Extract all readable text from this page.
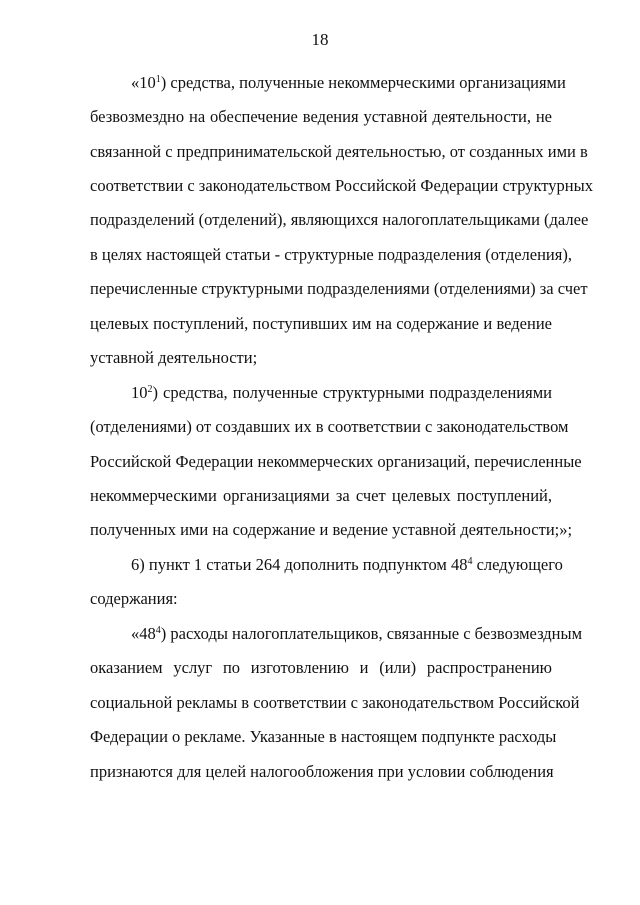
18
«$10^1$) средства, полученные некоммерческими организациями
безвозмездно на обеспечение ведения уставной деятельности, не
связанной с предпринимательской деятельностью, от созданных ими в
соответствии с законодательством Российской Федерации структурных
подразделений (отделений), являющихся налогоплательщиками (далее
в целях настоящей статьи - структурные подразделения (отделения),
перечисленные структурными подразделениями (отделениями) за счет
целевых поступлений, поступивших им на содержание и ведение
уставной деятельности;
$10^2$) средства, полученные структурными подразделениями
(отделениями) от создавших их в соответствии с законодательством
Российской Федерации некоммерческих организаций, перечисленные
некоммерческими организациями за счет целевых поступлений,
полученных ими на содержание и ведение уставной деятельности;»;
6) пункт 1 статьи 264 дополнить подпунктом $48^4$ следующего
содержания:
«$48^4$) расходы налогоплательщиков, связанные с безвозмездным
оказанием услуг по изготовлению и (или) распространению
социальной рекламы в соответствии с законодательством Российской
Федерации о рекламе. Указанные в настоящем подпункте расходы
признаются для целей налогообложения при условии соблюдения
